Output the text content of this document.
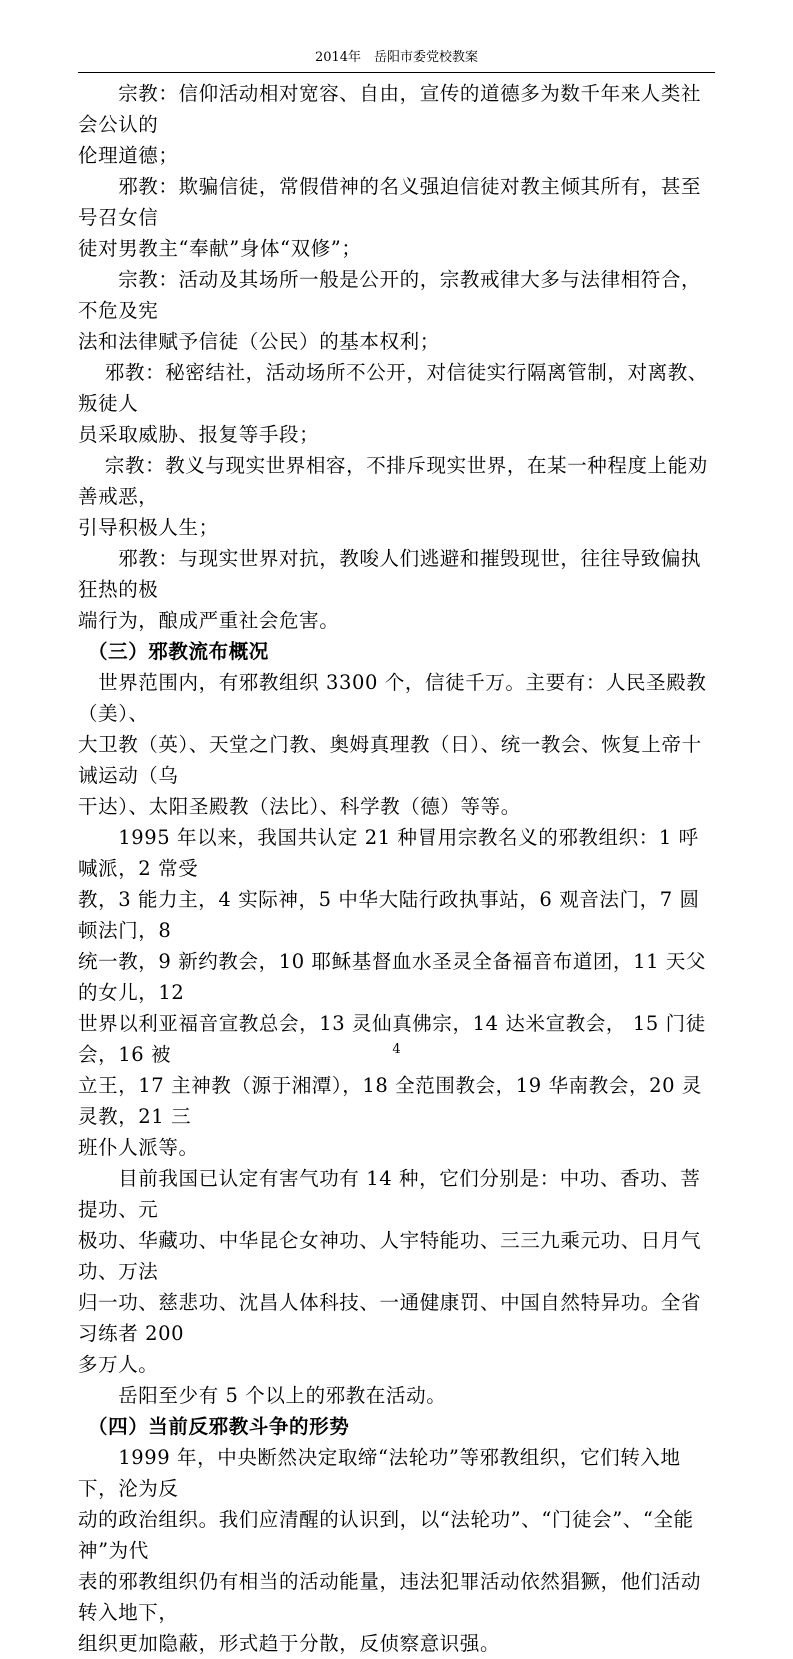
2014年　岳阳市委党校教案

　　宗教：信仰活动相对宽容、自由，宣传的道德多为数千年来人类社会公认的

伦理道德；

　　邪教：欺骗信徒，常假借神的名义强迫信徒对教主倾其所有，甚至号召女信

徒对男教主“奉献”身体“双修”；

　　宗教：活动及其场所一般是公开的，宗教戒律大多与法律相符合，不危及宪

法和法律赋予信徒（公民）的基本权利；

　 邪教：秘密结社，活动场所不公开，对信徒实行隔离管制，对离教、叛徒人

员采取威胁、报复等手段；

　 宗教：教义与现实世界相容，不排斥现实世界，在某一种程度上能劝善戒恶，

引导积极人生；

　　邪教：与现实世界对抗，教唆人们逃避和摧毁现世，往往导致偏执狂热的极

端行为，酿成严重社会危害。

（三）邪教流布概况

　世界范围内，有邪教组织 3300 个，信徒千万。主要有：人民圣殿教（美）、

大卫教（英）、天堂之门教、奥姆真理教（日）、统一教会、恢复上帝十诫运动（乌

干达）、太阳圣殿教（法比）、科学教（德）等等。

　　1995 年以来，我国共认定 21 种冒用宗教名义的邪教组织：1 呼喊派，2 常受

教，3 能力主，4 实际神，5 中华大陆行政执事站，6 观音法门，7 圆顿法门，8

统一教，9 新约教会，10 耶稣基督血水圣灵全备福音布道团，11 天父的女儿，12

世界以利亚福音宣教总会，13 灵仙真佛宗，14 达米宣教会， 15 门徒会，16 被

立王，17 主神教（源于湘潭），18 全范围教会，19 华南教会，20 灵灵教，21 三

班仆人派等。

　　目前我国已认定有害气功有 14 种，它们分别是：中功、香功、菩提功、元

极功、华藏功、中华昆仑女神功、人宇特能功、三三九乘元功、日月气功、万法

归一功、慈悲功、沈昌人体科技、一通健康罚、中国自然特异功。全省习练者 200

多万人。

　　岳阳至少有 5 个以上的邪教在活动。

（四）当前反邪教斗争的形势

　　1999 年，中央断然决定取缔“法轮功”等邪教组织，它们转入地下，沦为反

动的政治组织。我们应清醒的认识到，以“法轮功”、“门徒会”、“全能神”为代

表的邪教组织仍有相当的活动能量，违法犯罪活动依然猖獗，他们活动转入地下，

组织更加隐蔽，形式趋于分散，反侦察意识强。

4
